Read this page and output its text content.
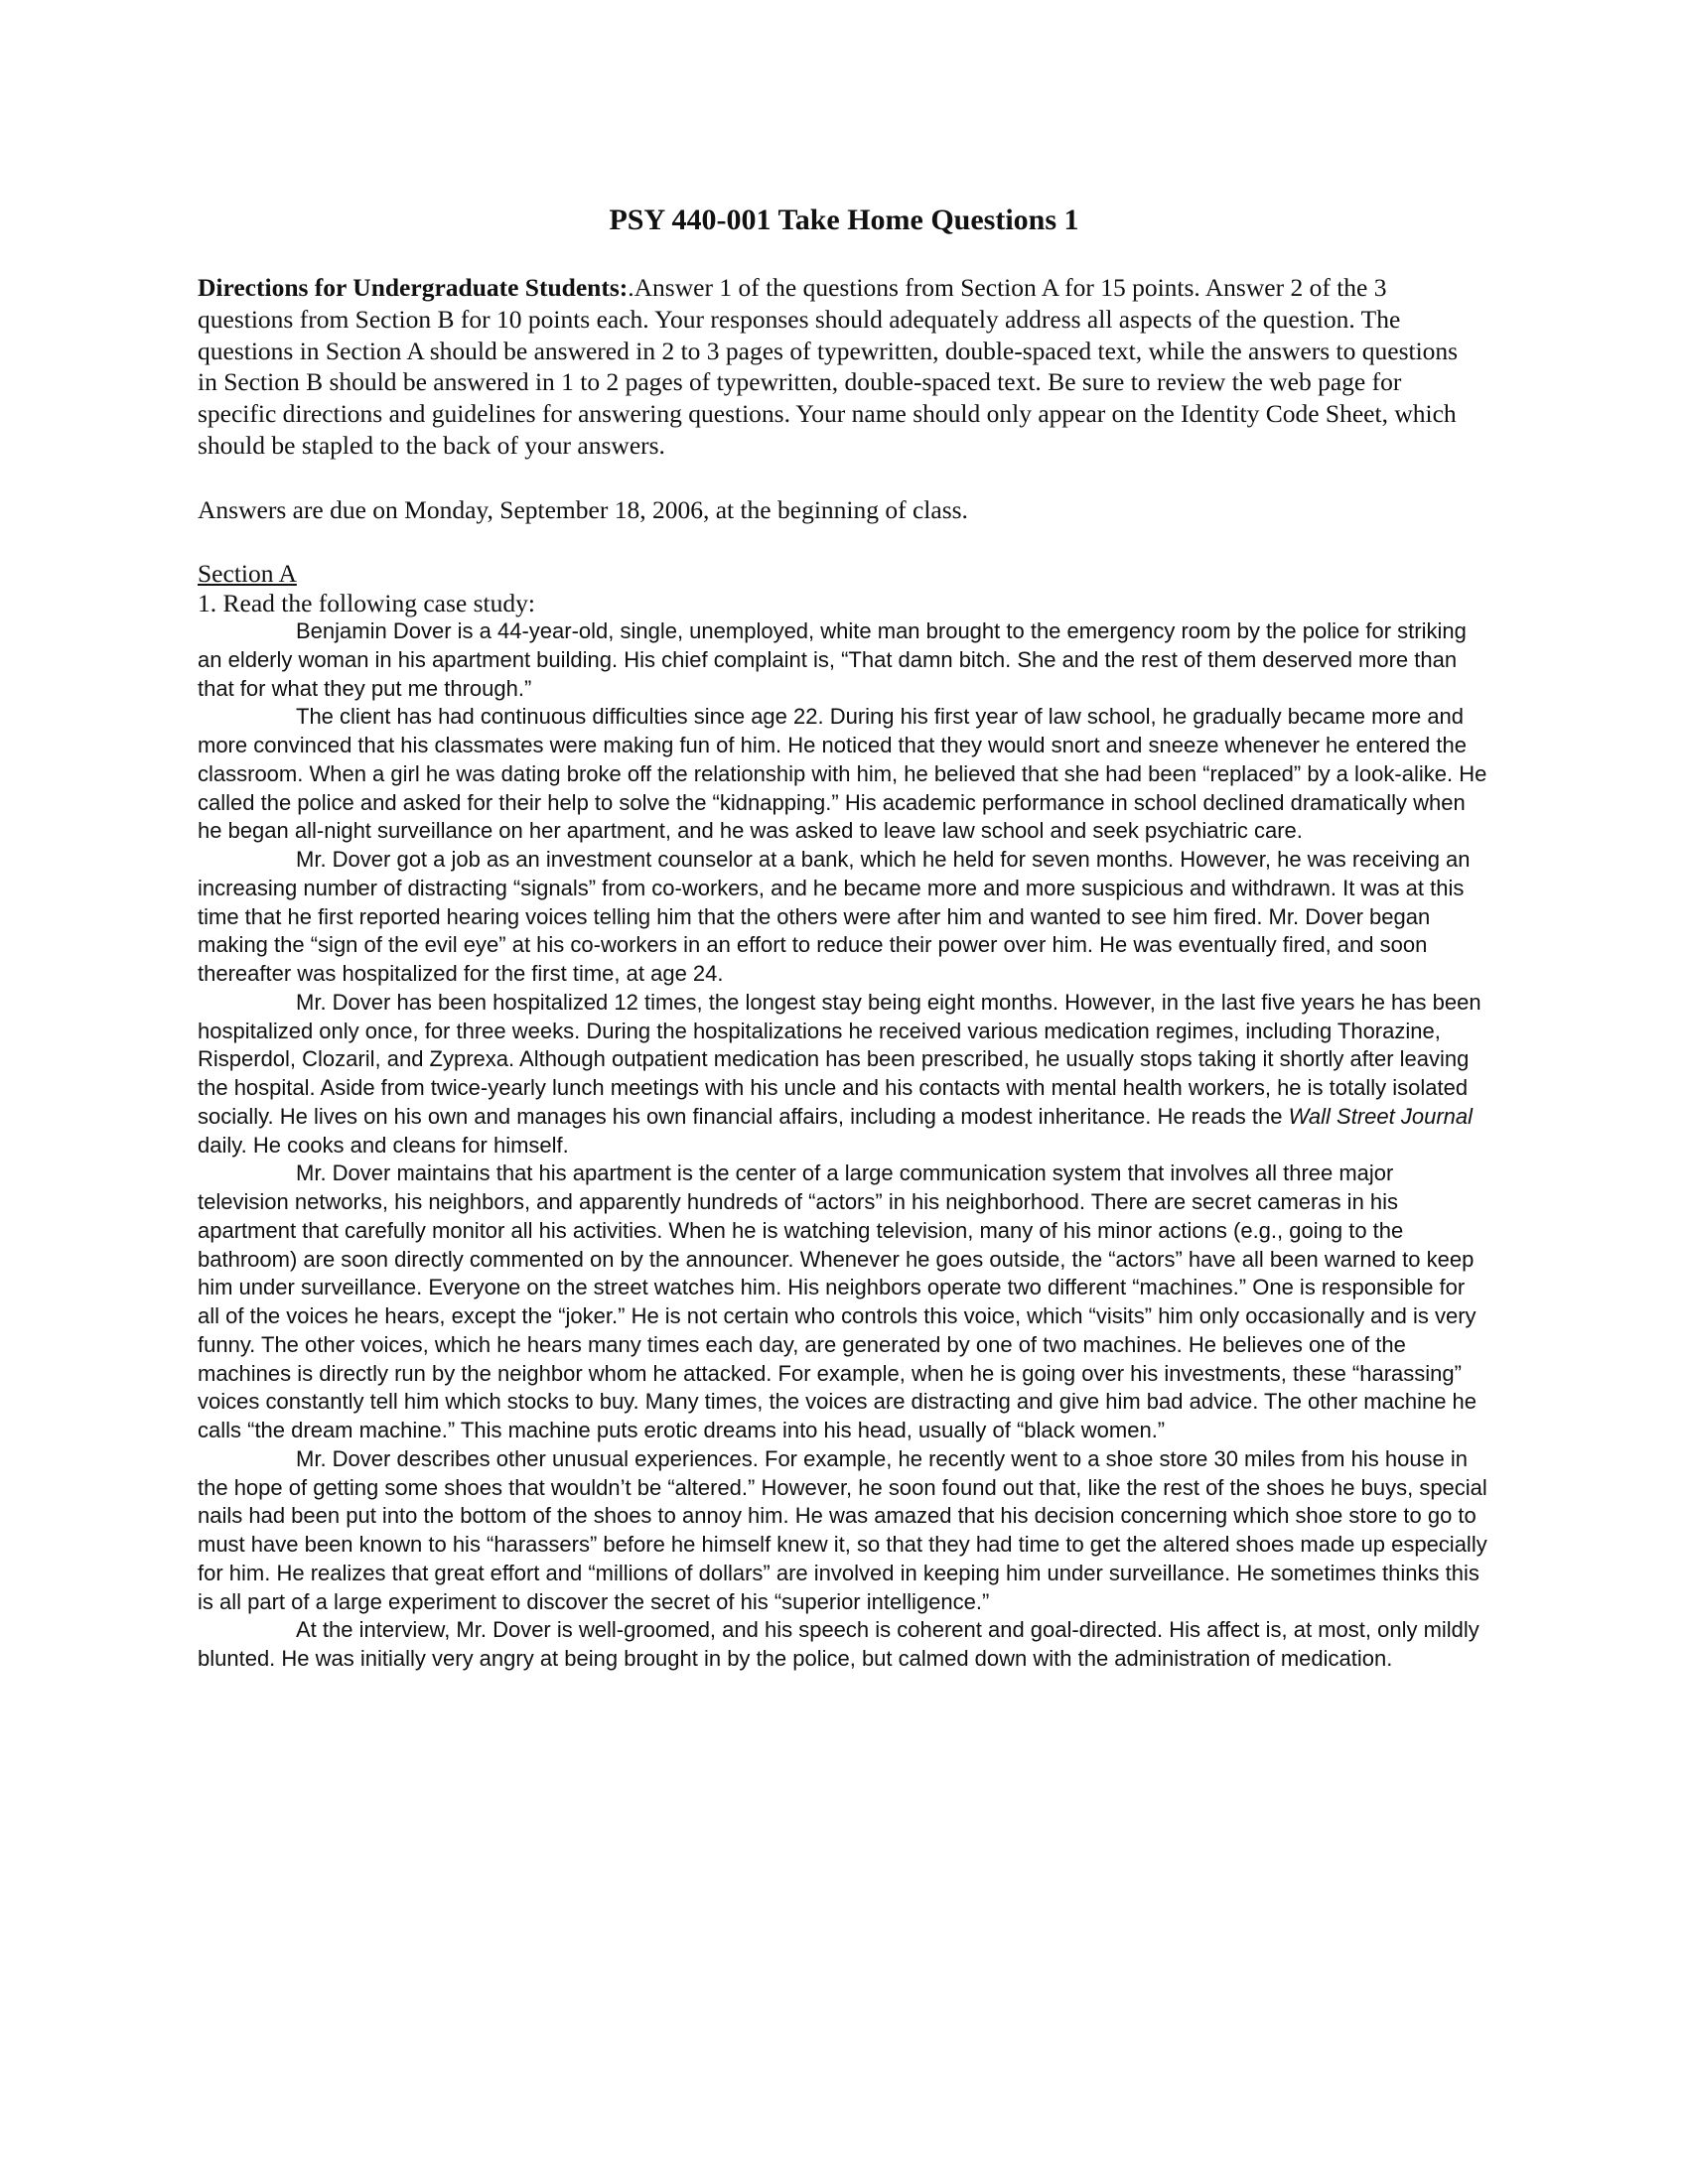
PSY 440-001 Take Home Questions 1

Directions for Undergraduate Students:.Answer 1 of the questions from Section A for 15 points. Answer 2 of the 3 questions from Section B for 10 points each. Your responses should adequately address all aspects of the question. The questions in Section A should be answered in 2 to 3 pages of typewritten, double-spaced text, while the answers to questions in Section B should be answered in 1 to 2 pages of typewritten, double-spaced text. Be sure to review the web page for specific directions and guidelines for answering questions. Your name should only appear on the Identity Code Sheet, which should be stapled to the back of your answers.

Answers are due on Monday, September 18, 2006, at the beginning of class.

Section A

1. Read the following case study:

Benjamin Dover is a 44-year-old, single, unemployed, white man brought to the emergency room by the police for striking an elderly woman in his apartment building. His chief complaint is, “That damn bitch. She and the rest of them deserved more than that for what they put me through.”

The client has had continuous difficulties since age 22. During his first year of law school, he gradually became more and more convinced that his classmates were making fun of him. He noticed that they would snort and sneeze whenever he entered the classroom. When a girl he was dating broke off the relationship with him, he believed that she had been “replaced” by a look-alike. He called the police and asked for their help to solve the “kidnapping.” His academic performance in school declined dramatically when he began all-night surveillance on her apartment, and he was asked to leave law school and seek psychiatric care.

Mr. Dover got a job as an investment counselor at a bank, which he held for seven months. However, he was receiving an increasing number of distracting “signals” from co-workers, and he became more and more suspicious and withdrawn. It was at this time that he first reported hearing voices telling him that the others were after him and wanted to see him fired. Mr. Dover began making the “sign of the evil eye” at his co-workers in an effort to reduce their power over him. He was eventually fired, and soon thereafter was hospitalized for the first time, at age 24.

Mr. Dover has been hospitalized 12 times, the longest stay being eight months. However, in the last five years he has been hospitalized only once, for three weeks. During the hospitalizations he received various medication regimes, including Thorazine, Risperdol, Clozaril, and Zyprexa. Although outpatient medication has been prescribed, he usually stops taking it shortly after leaving the hospital. Aside from twice-yearly lunch meetings with his uncle and his contacts with mental health workers, he is totally isolated socially. He lives on his own and manages his own financial affairs, including a modest inheritance. He reads the Wall Street Journal daily. He cooks and cleans for himself.

Mr. Dover maintains that his apartment is the center of a large communication system that involves all three major television networks, his neighbors, and apparently hundreds of “actors” in his neighborhood. There are secret cameras in his apartment that carefully monitor all his activities. When he is watching television, many of his minor actions (e.g., going to the bathroom) are soon directly commented on by the announcer. Whenever he goes outside, the “actors” have all been warned to keep him under surveillance. Everyone on the street watches him. His neighbors operate two different “machines.” One is responsible for all of the voices he hears, except the “joker.” He is not certain who controls this voice, which “visits” him only occasionally and is very funny. The other voices, which he hears many times each day, are generated by one of two machines. He believes one of the machines is directly run by the neighbor whom he attacked. For example, when he is going over his investments, these “harassing” voices constantly tell him which stocks to buy. Many times, the voices are distracting and give him bad advice. The other machine he calls “the dream machine.” This machine puts erotic dreams into his head, usually of “black women.”

Mr. Dover describes other unusual experiences. For example, he recently went to a shoe store 30 miles from his house in the hope of getting some shoes that wouldn’t be “altered.” However, he soon found out that, like the rest of the shoes he buys, special nails had been put into the bottom of the shoes to annoy him. He was amazed that his decision concerning which shoe store to go to must have been known to his “harassers” before he himself knew it, so that they had time to get the altered shoes made up especially for him. He realizes that great effort and “millions of dollars” are involved in keeping him under surveillance. He sometimes thinks this is all part of a large experiment to discover the secret of his “superior intelligence.”

At the interview, Mr. Dover is well-groomed, and his speech is coherent and goal-directed. His affect is, at most, only mildly blunted. He was initially very angry at being brought in by the police, but calmed down with the administration of medication.
